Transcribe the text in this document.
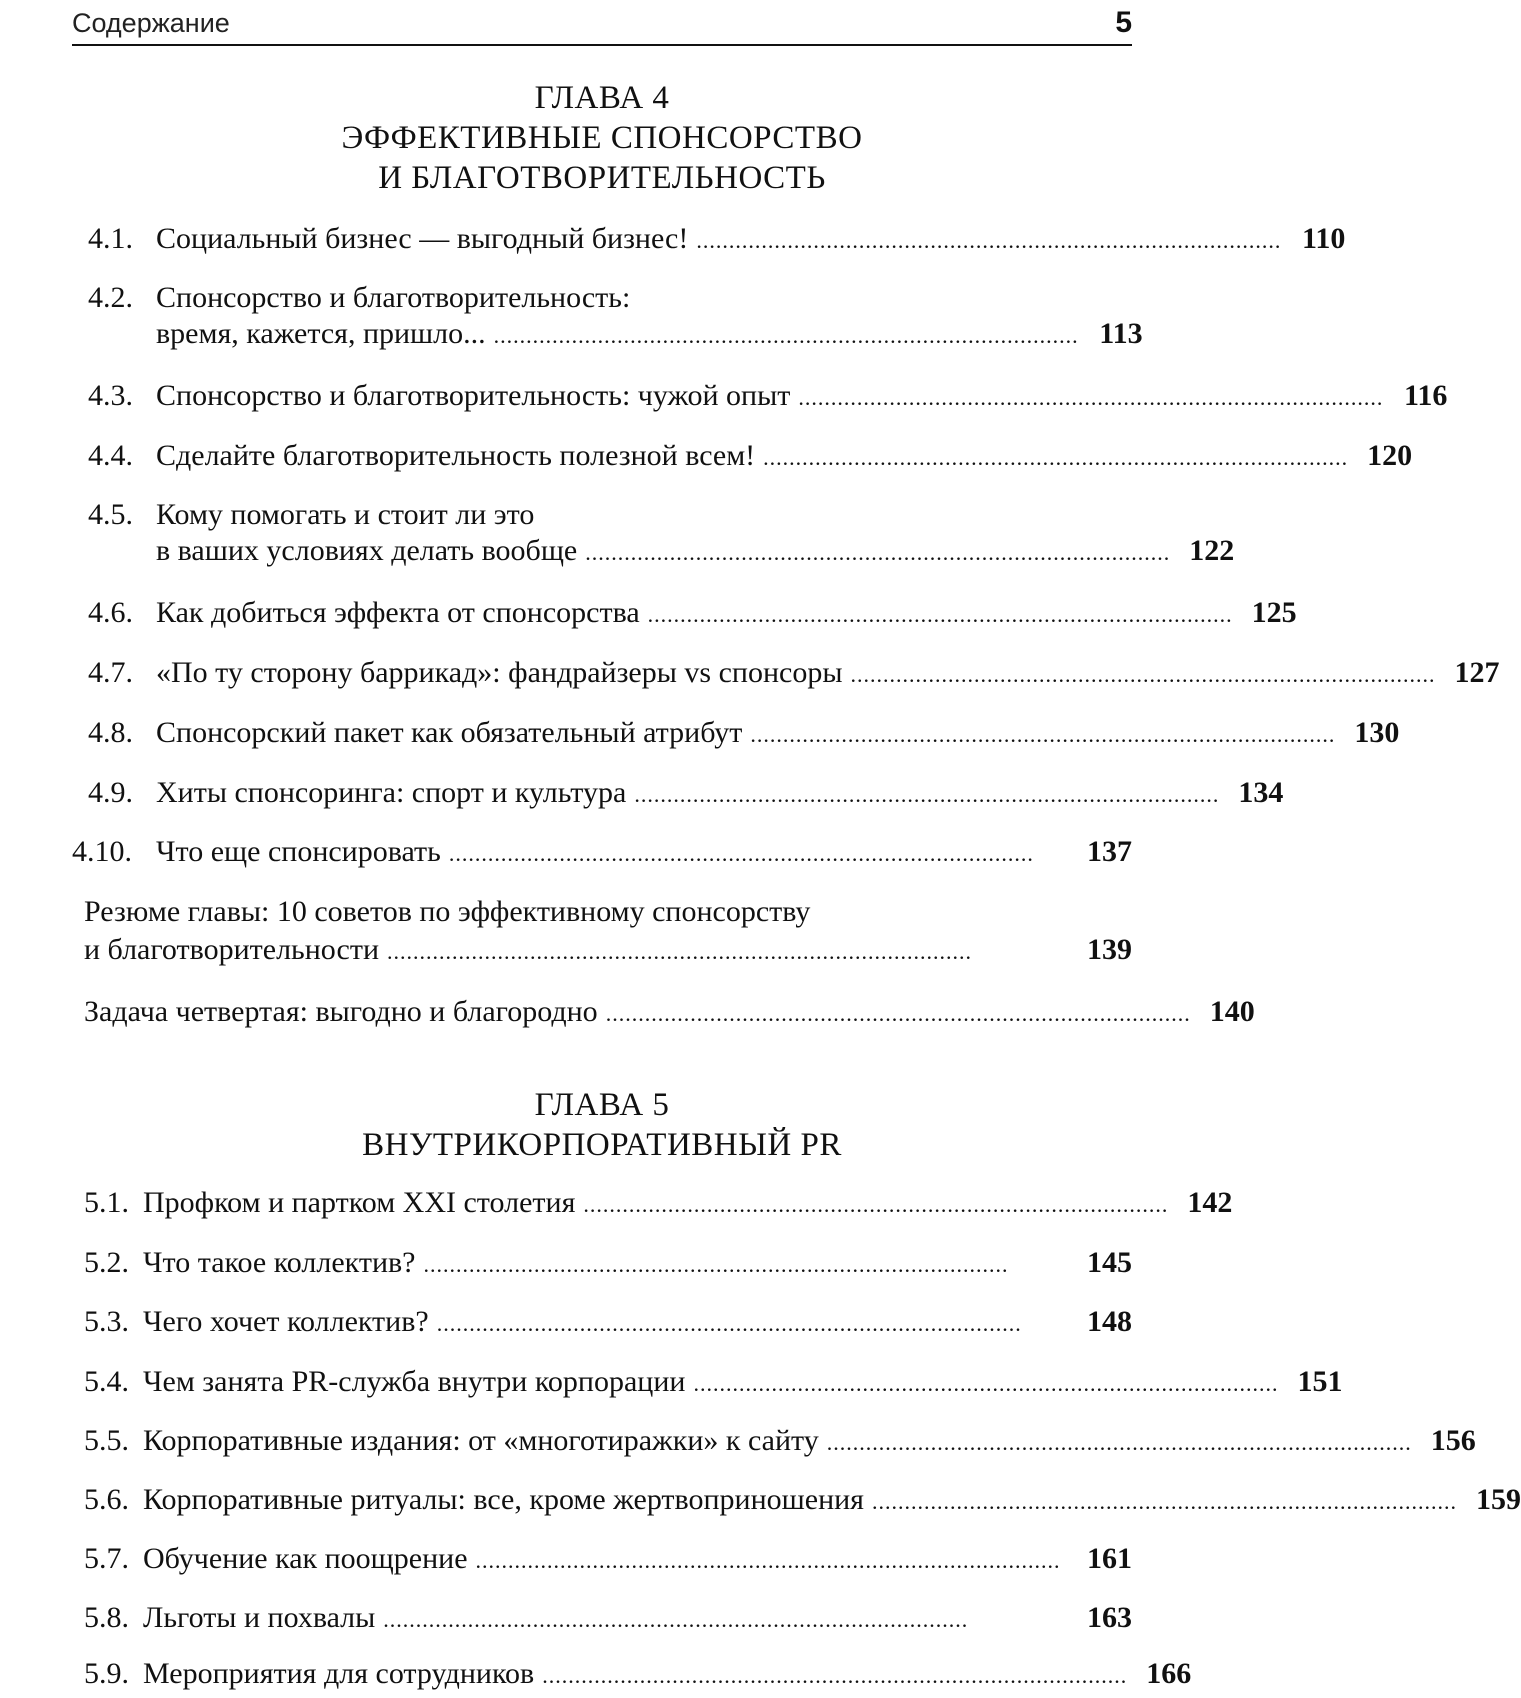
Содержание	5
ГЛАВА 4
ЭФФЕКТИВНЫЕ СПОНСОРСТВО
И БЛАГОТВОРИТЕЛЬНОСТЬ
4.1. Социальный бизнес — выгодный бизнес! .......................................................................................... 110
4.2. Спонсорство и благотворительность:
время, кажется, пришло... .......................................................................................... 113
4.3. Спонсорство и благотворительность: чужой опыт .......................................................................................... 116
4.4. Сделайте благотворительность полезной всем! .......................................................................................... 120
4.5. Кому помогать и стоит ли это
в ваших условиях делать вообще .......................................................................................... 122
4.6. Как добиться эффекта от спонсорства .......................................................................................... 125
4.7. «По ту сторону баррикад»: фандрайзеры vs спонсоры .......................................................................................... 127
4.8. Спонсорский пакет как обязательный атрибут .......................................................................................... 130
4.9. Хиты спонсоринга: спорт и культура .......................................................................................... 134
4.10. Что еще спонсировать ..........................................................................................	137
Резюме главы: 10 советов по эффективному спонсорству
и благотворительности ..........................................................................................	139
Задача четвертая: выгодно и благородно .......................................................................................... 140
ГЛАВА 5
ВНУТРИКОРПОРАТИВНЫЙ PR
5.1. Профком и партком XXI столетия .......................................................................................... 142
5.2. Что такое коллектив? ..........................................................................................	145
5.3. Чего хочет коллектив? ..........................................................................................	148
5.4. Чем занята PR-служба внутри корпорации .......................................................................................... 151
5.5. Корпоративные издания: от «многотиражки» к сайту .......................................................................................... 156
5.6. Корпоративные ритуалы: все, кроме жертвоприношения .......................................................................................... 159
5.7. Обучение как поощрение .......................................................................................... 161
5.8. Льготы и похвалы ..........................................................................................	163
5.9. Мероприятия для сотрудников .......................................................................................... 166
